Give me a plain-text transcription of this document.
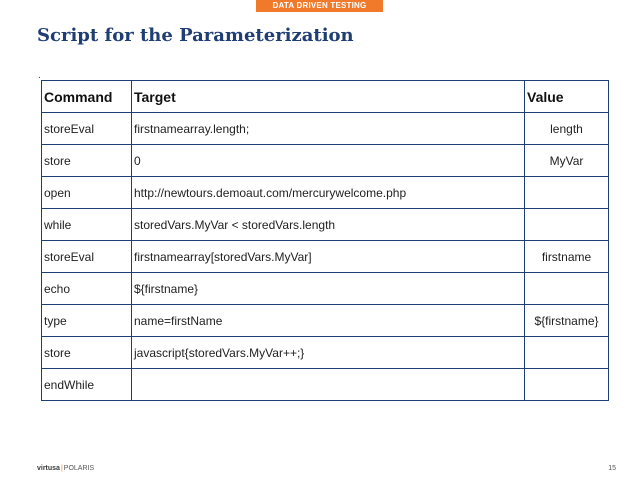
DATA DRIVEN TESTING
Script for the Parameterization
.
Command	Target	Value
storeEval	firstnamearray.length;	length
store	0	MyVar
open	http://newtours.demoaut.com/mercurywelcome.php	
while	storedVars.MyVar < storedVars.length	
storeEval	firstnamearray[storedVars.MyVar]	firstname
echo	${firstname}	
type	name=firstName	${firstname}
store	javascript{storedVars.MyVar++;}	
endWhile		
virtusa|POLARIS	15
